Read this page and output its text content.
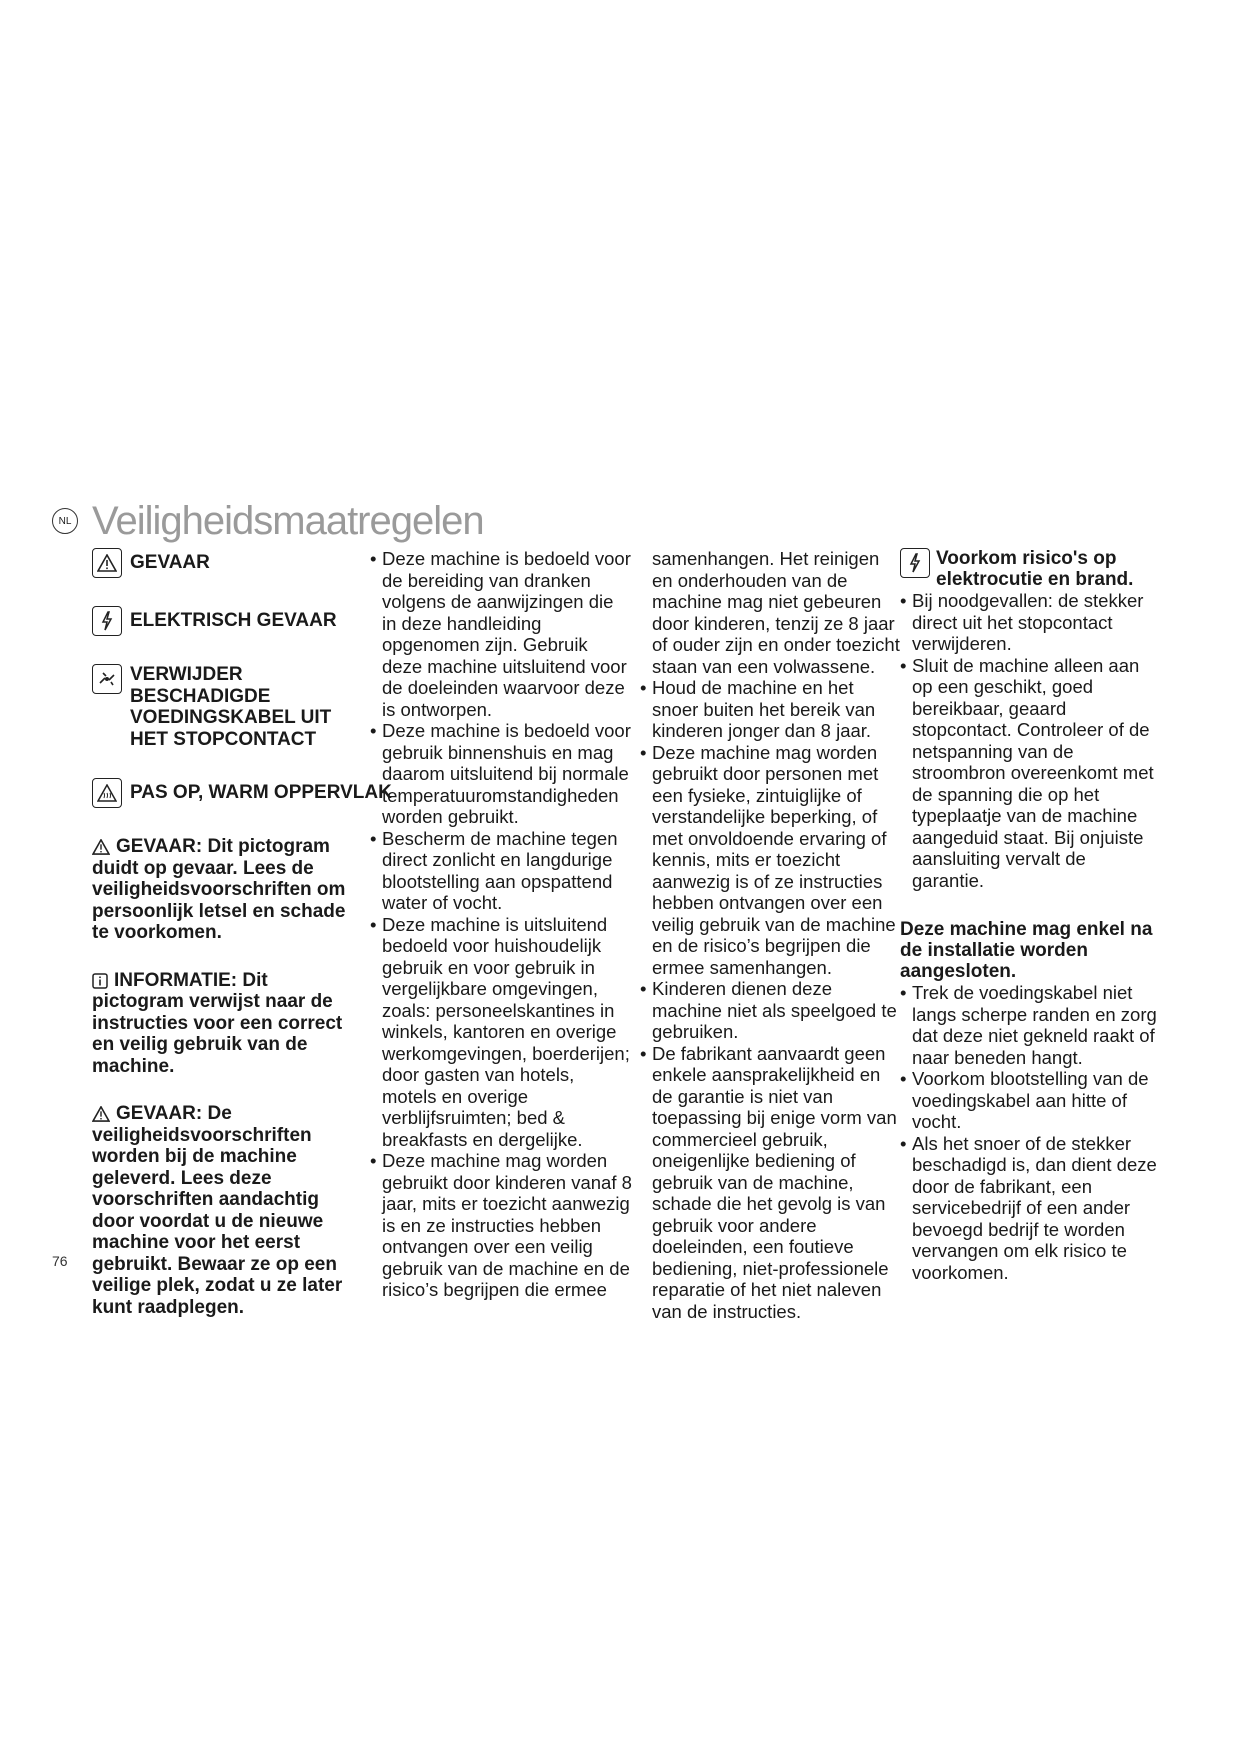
NL Veiligheidsmaatregelen
GEVAAR
ELEKTRISCH GEVAAR
VERWIJDER BESCHADIGDE VOEDINGSKABEL UIT HET STOPCONTACT
PAS OP, WARM OPPERVLAK
GEVAAR: Dit pictogram duidt op gevaar. Lees de veiligheidsvoorschriften om persoonlijk letsel en schade te voorkomen.
INFORMATIE: Dit pictogram verwijst naar de instructies voor een correct en veilig gebruik van de machine.
GEVAAR: De veiligheidsvoorschriften worden bij de machine geleverd. Lees deze voorschriften aandachtig door voordat u de nieuwe machine voor het eerst gebruikt. Bewaar ze op een veilige plek, zodat u ze later kunt raadplegen.
• Deze machine is bedoeld voor de bereiding van dranken volgens de aanwijzingen die in deze handleiding opgenomen zijn. Gebruik deze machine uitsluitend voor de doeleinden waarvoor deze is ontworpen.
• Deze machine is bedoeld voor gebruik binnenshuis en mag daarom uitsluitend bij normale temperatuuromstandigheden worden gebruikt.
• Bescherm de machine tegen direct zonlicht en langdurige blootstelling aan opspattend water of vocht.
• Deze machine is uitsluitend bedoeld voor huishoudelijk gebruik en voor gebruik in vergelijkbare omgevingen, zoals: personeelskantines in winkels, kantoren en overige werkomgevingen, boerderijen; door gasten van hotels, motels en overige verblijfsruimten; bed & breakfasts en dergelijke.
• Deze machine mag worden gebruikt door kinderen vanaf 8 jaar, mits er toezicht aanwezig is en ze instructies hebben ontvangen over een veilig gebruik van de machine en de risico’s begrijpen die ermee

samenhangen. Het reinigen en onderhouden van de machine mag niet gebeuren door kinderen, tenzij ze 8 jaar of ouder zijn en onder toezicht staan van een volwassene.

• Houd de machine en het snoer buiten het bereik van kinderen jonger dan 8 jaar.
• Deze machine mag worden gebruikt door personen met een fysieke, zintuiglijke of verstandelijke beperking, of met onvoldoende ervaring of kennis, mits er toezicht aanwezig is of ze instructies hebben ontvangen over een veilig gebruik van de machine en de risico’s begrijpen die ermee samenhangen.
• Kinderen dienen deze machine niet als speelgoed te gebruiken.
• De fabrikant aanvaardt geen enkele aansprakelijkheid en de garantie is niet van toepassing bij enige vorm van commercieel gebruik, oneigenlijke bediening of gebruik van de machine, schade die het gevolg is van gebruik voor andere doeleinden, een foutieve bediening, niet-professionele reparatie of het niet naleven van de instructies.
Voorkom risico's op elektrocutie en brand.
• Bij noodgevallen: de stekker direct uit het stopcontact verwijderen.
• Sluit de machine alleen aan op een geschikt, goed bereikbaar, geaard stopcontact. Controleer of de netspanning van de stroombron overeenkomt met de spanning die op het typeplaatje van de machine aangeduid staat. Bij onjuiste aansluiting vervalt de garantie.
Deze machine mag enkel na de installatie worden aangesloten.
• Trek de voedingskabel niet langs scherpe randen en zorg dat deze niet gekneld raakt of naar beneden hangt.
• Voorkom blootstelling van de voedingskabel aan hitte of vocht.
• Als het snoer of de stekker beschadigd is, dan dient deze door de fabrikant, een servicebedrijf of een ander bevoegd bedrijf te worden vervangen om elk risico te voorkomen.
76
